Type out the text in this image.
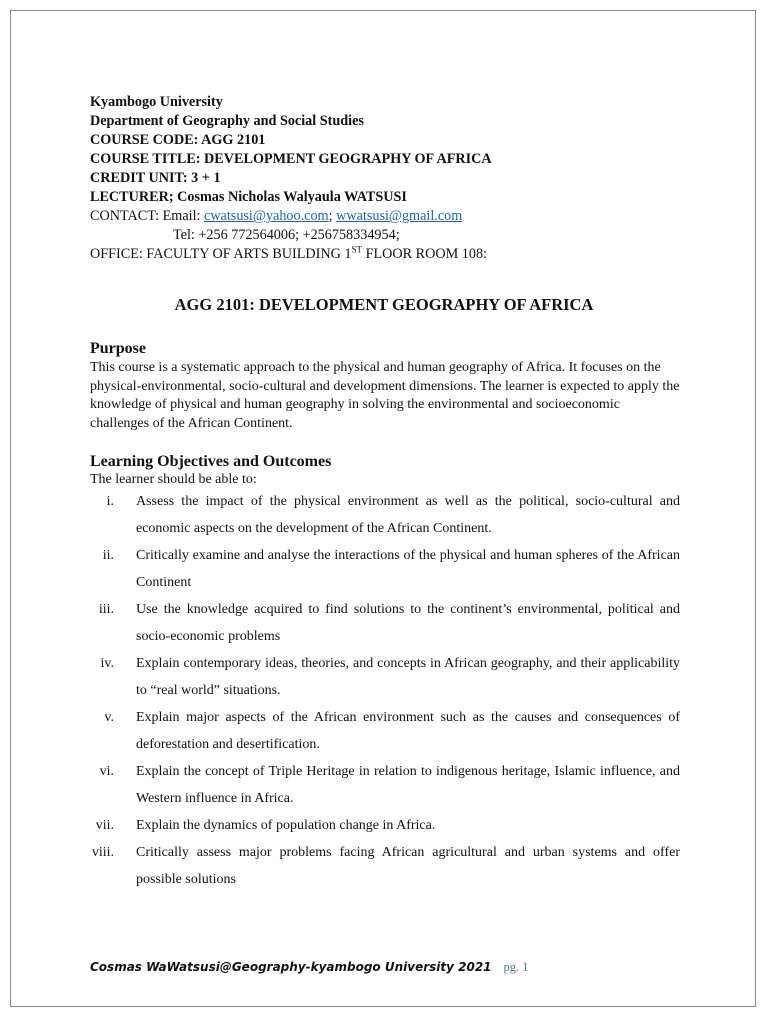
Kyambogo University
Department of Geography and Social Studies
COURSE CODE: AGG 2101
COURSE TITLE: DEVELOPMENT GEOGRAPHY OF AFRICA
CREDIT UNIT: 3 + 1
LECTURER; Cosmas Nicholas Walyaula WATSUSI
CONTACT: Email: cwatsusi@yahoo.com; wwatsusi@gmail.com
Tel: +256 772564006; +256758334954;
OFFICE: FACULTY OF ARTS BUILDING 1ST FLOOR ROOM 108:
AGG 2101: DEVELOPMENT GEOGRAPHY OF AFRICA
Purpose
This course is a systematic approach to the physical and human geography of Africa. It focuses on the physical-environmental, socio-cultural and development dimensions. The learner is expected to apply the knowledge of physical and human geography in solving the environmental and socioeconomic challenges of the African Continent.
Learning Objectives and Outcomes
The learner should be able to:
i.	Assess the impact of the physical environment as well as the political, socio-cultural and economic aspects on the development of the African Continent.
ii.	Critically examine and analyse the interactions of the physical and human spheres of the African Continent
iii.	Use the knowledge acquired to find solutions to the continent’s environmental, political and socio-economic problems
iv.	Explain contemporary ideas, theories, and concepts in African geography, and their applicability to “real world” situations.
v.	Explain major aspects of the African environment such as the causes and consequences of deforestation and desertification.
vi.	Explain the concept of Triple Heritage in relation to indigenous heritage, Islamic influence, and Western influence in Africa.
vii.	Explain the dynamics of population change in Africa.
viii.	Critically assess major problems facing African agricultural and urban systems and offer possible solutions
Cosmas WaWatsusi@Geography-kyambogo University 2021 pg. 1
